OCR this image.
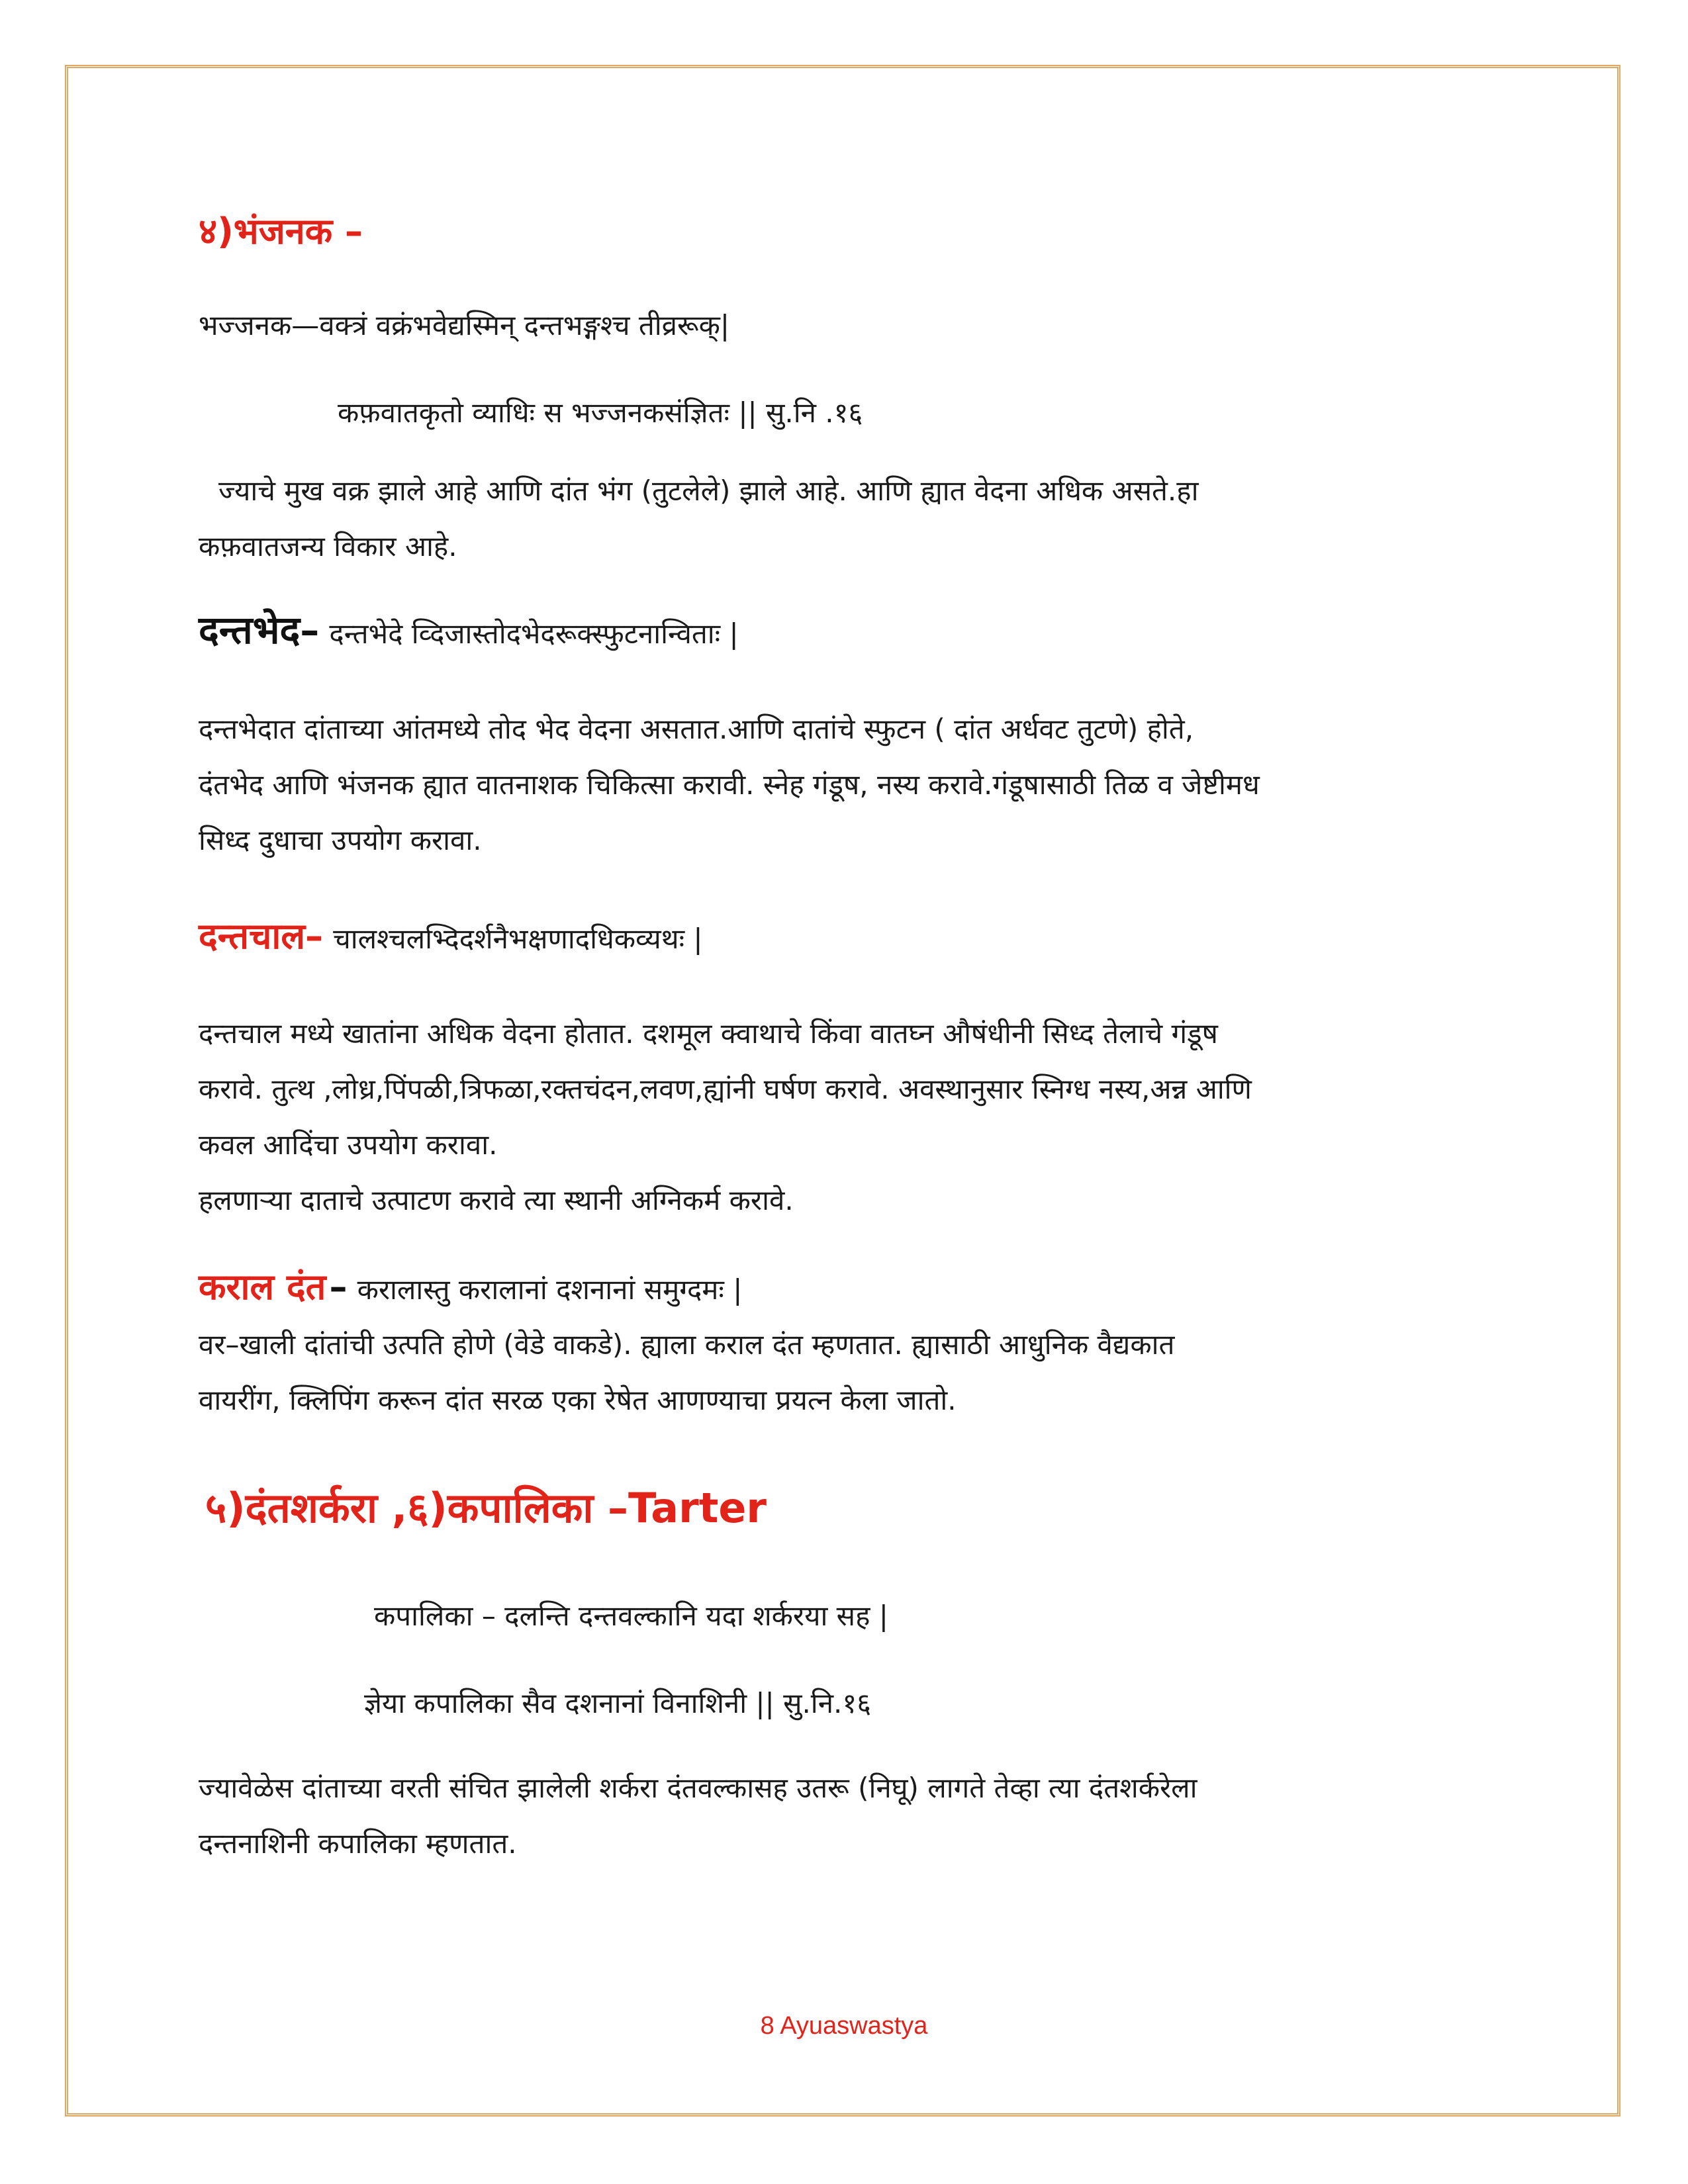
४)भंजनक –

भज्जनक—वक्त्रं वक्रंभवेद्यस्मिन् दन्तभङ्गश्च तीव्ररूक्|

कफ़वातकृतो व्याधिः स भज्जनकसंज्ञितः || सु.नि .१६

ज्याचे मुख वक्र झाले आहे आणि दांत भंग (तुटलेले) झाले आहे. आणि ह्यात वेदना अधिक असते.हा

कफ़वातजन्य विकार आहे.

दन्तभेद– दन्तभेदे व्दिजास्तोदभेदरूक्स्फुटनान्विताः |

दन्तभेदात दांताच्या आंतमध्ये तोद भेद वेदना असतात.आणि दातांचे स्फुटन ( दांत अर्धवट तुटणे) होते,

दंतभेद आणि भंजनक ह्यात वातनाशक चिकित्सा करावी. स्नेह गंडूष, नस्य करावे.गंडूषासाठी तिळ व जेष्टीमध

सिध्द दुधाचा उपयोग करावा.

दन्तचाल– चालश्चलभ्दिदर्शनैभक्षणादधिकव्यथः |

दन्तचाल मध्ये खातांना अधिक वेदना होतात. दशमूल क्वाथाचे किंवा वातघ्न औषंधीनी सिध्द तेलाचे गंडूष

करावे. तुत्थ ,लोध्र,पिंपळी,त्रिफळा,रक्तचंदन,लवण,ह्यांनी घर्षण करावे. अवस्थानुसार स्निग्ध नस्य,अन्न आणि

कवल आदिंचा उपयोग करावा.

हलणाऱ्या दाताचे उत्पाटण करावे त्या स्थानी अग्निकर्म करावे.

कराल दंत – करालास्तु करालानां दशनानां समुग्दमः |

वर–खाली दांतांची उत्पति होणे (वेडे वाकडे). ह्याला कराल दंत म्हणतात. ह्यासाठी आधुनिक वैद्यकात

वायरींग, क्लिपिंग करून दांत सरळ एका रेषेत आणण्याचा प्रयत्न केला जातो.

५)दंतशर्करा ,६)कपालिका –Tarter

कपालिका – दलन्ति दन्तवल्कानि यदा शर्करया सह |

ज्ञेया कपालिका सैव दशनानां विनाशिनी || सु.नि.१६

ज्यावेळेस दांताच्या वरती संचित झालेली शर्करा दंतवल्कासह उतरू (निघू) लागते तेव्हा त्या दंतशर्करेला

दन्तनाशिनी कपालिका म्हणतात.

8 Ayuaswastya
